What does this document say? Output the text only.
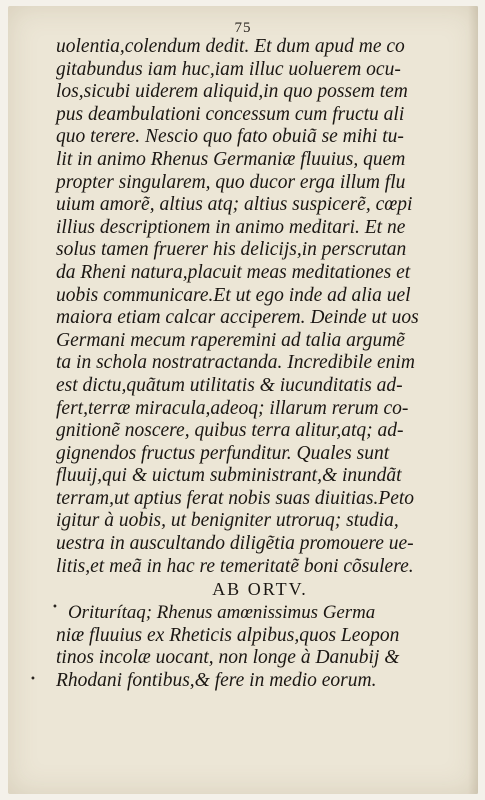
75
uolentia,colendum dedit. Et dum apud me co
gitabundus iam huc,iam illuc uoluerem ocu-
los,sicubi uiderem aliquid,in quo possem tem
pus deambulationi concessum cum fructu ali
quo terere. Nescio quo fato obuiã se mihi tu-
lit in animo Rhenus Germaniæ fluuius, quem
propter singularem, quo ducor erga illum flu
uium amorẽ, altius atq; altius suspicerẽ, cœpi
illius descriptionem in animo meditari. Et ne
solus tamen fruerer his delicijs,in perscrutan
da Rheni natura,placuit meas meditationes et
uobis communicare.Et ut ego inde ad alia uel
maiora etiam calcar acciperem. Deinde ut uos
Germani mecum raperemini ad talia argumẽ
ta in schola nostratractanda. Incredibile enim
est dictu,quãtum utilitatis & iucunditatis ad-
fert,terræ miracula,adeoq; illarum rerum co-
gnitionẽ noscere, quibus terra alitur,atq; ad-
gignendos fructus perfunditur. Quales sunt
fluuij,qui & uictum subministrant,& inundãt
terram,ut aptius ferat nobis suas diuitias.Peto
igitur à uobis, ut benigniter utroruq; studia,
uestra in auscultando diligẽtia promouere ue-
litis,et meã in hac re temeritatẽ boni cõsulere.
AB ORTV.
Oriturítaq; Rhenus amœnissimus Germa
niæ fluuius ex Rheticis alpibus,quos Leopon
tinos incolæ uocant, non longe à Danubij &
Rhodani fontibus,& fere in medio eorum.
•
•
